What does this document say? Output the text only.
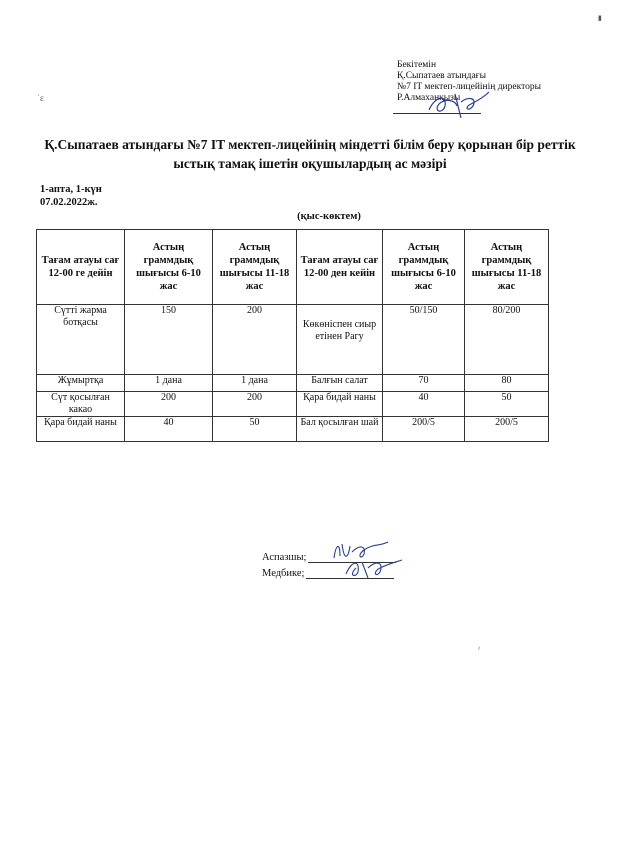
˙ε
▮
Бекітемін
Қ.Сыпатаев атындағы
№7 IT мектеп-лицейінің директоры
Р.Алмаханқызы
Қ.Сыпатаев атындағы №7 IT мектеп-лицейінің міндетті білім беру қорынан бір реттік ыстық тамақ ішетін оқушылардың ас мәзірі
1-апта, 1-күн
07.02.2022ж.
(қыс-көктем)
Тағам атауы сағ 12-00 ге дейін	Астың граммдық шығысы 6-10 жас	Астың граммдық шығысы 11-18 жас	Тағам атауы сағ 12-00 ден кейін	Астың граммдық шығысы 6-10 жас	Астың граммдық шығысы 11-18 жас
Сүтті жарма ботқасы	150	200	Көкөніспен сиыр етінен Рагу	50/150	80/200
Жұмыртқа	1 дана	1 дана	Балғын салат	70	80
Сүт қосылған какао	200	200	Қара бидай наны	40	50
Қара бидай наны	40	50	Бал қосылған шай	200/5	200/5
Аспазшы;
Медбике;
ˀ
